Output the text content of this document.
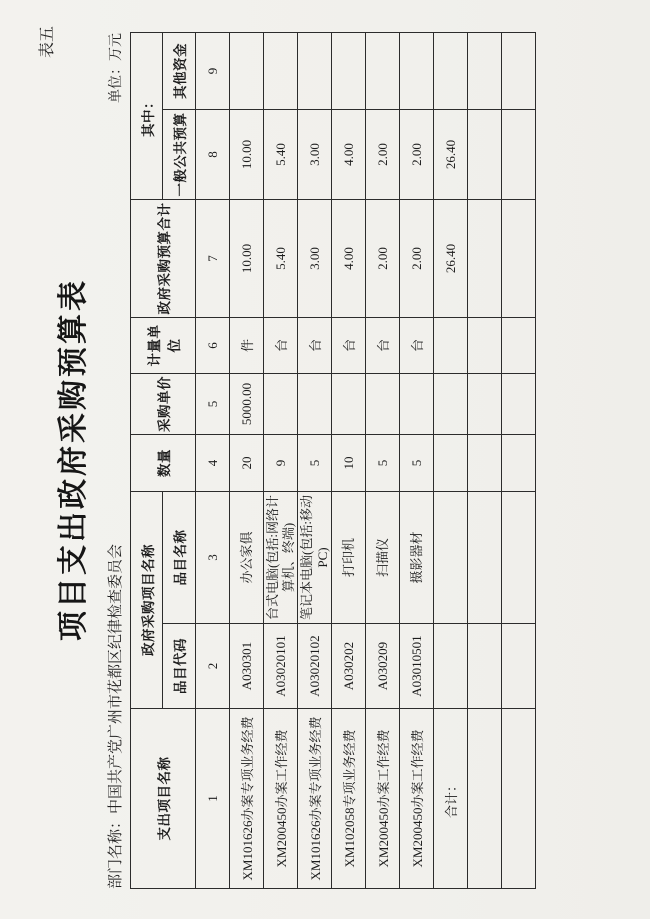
表五
项目支出政府采购预算表
部门名称：中国共产党广州市花都区纪律检查委员会
单位：万元
支出项目名称	政府采购项目名称		数量	采购单价	计量单位	政府采购预算合计	其中：	
	品目代码	品目名称					一般公共预算	其他资金
1	2	3	4	5	6	7	8	9
XM101626办案专项业务经费	A030301	办公家俱	20	5000.00	件	10.00	10.00	
XM200450办案工作经费	A03020101	台式电脑(包括:网络计算机、终端)	9		台	5.40	5.40	
XM101626办案专项业务经费	A03020102	笔记本电脑(包括:移动PC)	5		台	3.00	3.00	
XM102058专项业务经费	A030202	打印机	10		台	4.00	4.00	
XM200450办案工作经费	A030209	扫描仪	5		台	2.00	2.00	
XM200450办案工作经费	A03010501	摄影器材	5		台	2.00	2.00	
合计：						26.40	26.40	
